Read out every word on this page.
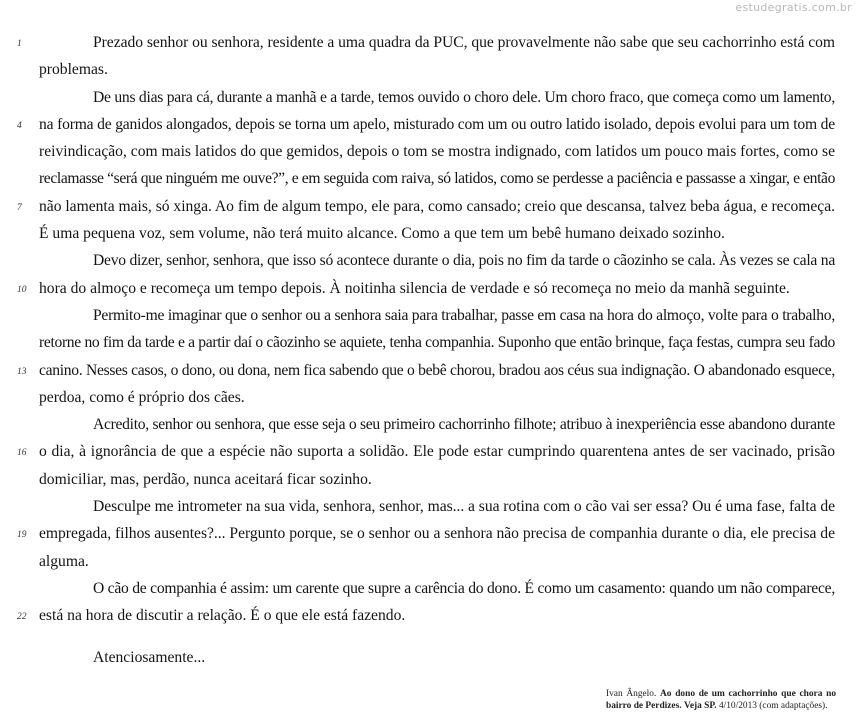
estudegratis.com.br
1	Prezado senhor ou senhora, residente a uma quadra da PUC, que provavelmente não sabe que seu cachorrinho está com
problemas.
De uns dias para cá, durante a manhã e a tarde, temos ouvido o choro dele. Um choro fraco, que começa como um lamento,
4	na forma de ganidos alongados, depois se torna um apelo, misturado com um ou outro latido isolado, depois evolui para um tom de
reivindicação, com mais latidos do que gemidos, depois o tom se mostra indignado, com latidos um pouco mais fortes, como se
reclamasse “será que ninguém me ouve?”, e em seguida com raiva, só latidos, como se perdesse a paciência e passasse a xingar, e então
7	não lamenta mais, só xinga. Ao fim de algum tempo, ele para, como cansado; creio que descansa, talvez beba água, e recomeça.
É uma pequena voz, sem volume, não terá muito alcance. Como a que tem um bebê humano deixado sozinho.
Devo dizer, senhor, senhora, que isso só acontece durante o dia, pois no fim da tarde o cãozinho se cala. Às vezes se cala na
10 hora do almoço e recomeça um tempo depois. À noitinha silencia de verdade e só recomeça no meio da manhã seguinte.
Permito-me imaginar que o senhor ou a senhora saia para trabalhar, passe em casa na hora do almoço, volte para o trabalho,
retorne no fim da tarde e a partir daí o cãozinho se aquiete, tenha companhia. Suponho que então brinque, faça festas, cumpra seu fado
13 canino. Nesses casos, o dono, ou dona, nem fica sabendo que o bebê chorou, bradou aos céus sua indignação. O abandonado esquece,
perdoa, como é próprio dos cães.
Acredito, senhor ou senhora, que esse seja o seu primeiro cachorrinho filhote; atribuo à inexperiência esse abandono durante
16 o dia, à ignorância de que a espécie não suporta a solidão. Ele pode estar cumprindo quarentena antes de ser vacinado, prisão
domiciliar, mas, perdão, nunca aceitará ficar sozinho.
Desculpe me intrometer na sua vida, senhora, senhor, mas... a sua rotina com o cão vai ser essa? Ou é uma fase, falta de
19 empregada, filhos ausentes?... Pergunto porque, se o senhor ou a senhora não precisa de companhia durante o dia, ele precisa de
alguma.
O cão de companhia é assim: um carente que supre a carência do dono. É como um casamento: quando um não comparece,
22 está na hora de discutir a relação. É o que ele está fazendo.
Atenciosamente...
Ivan Ângelo. Ao dono de um cachorrinho que chora no bairro de Perdizes. Veja SP. 4/10/2013 (com adaptações).
